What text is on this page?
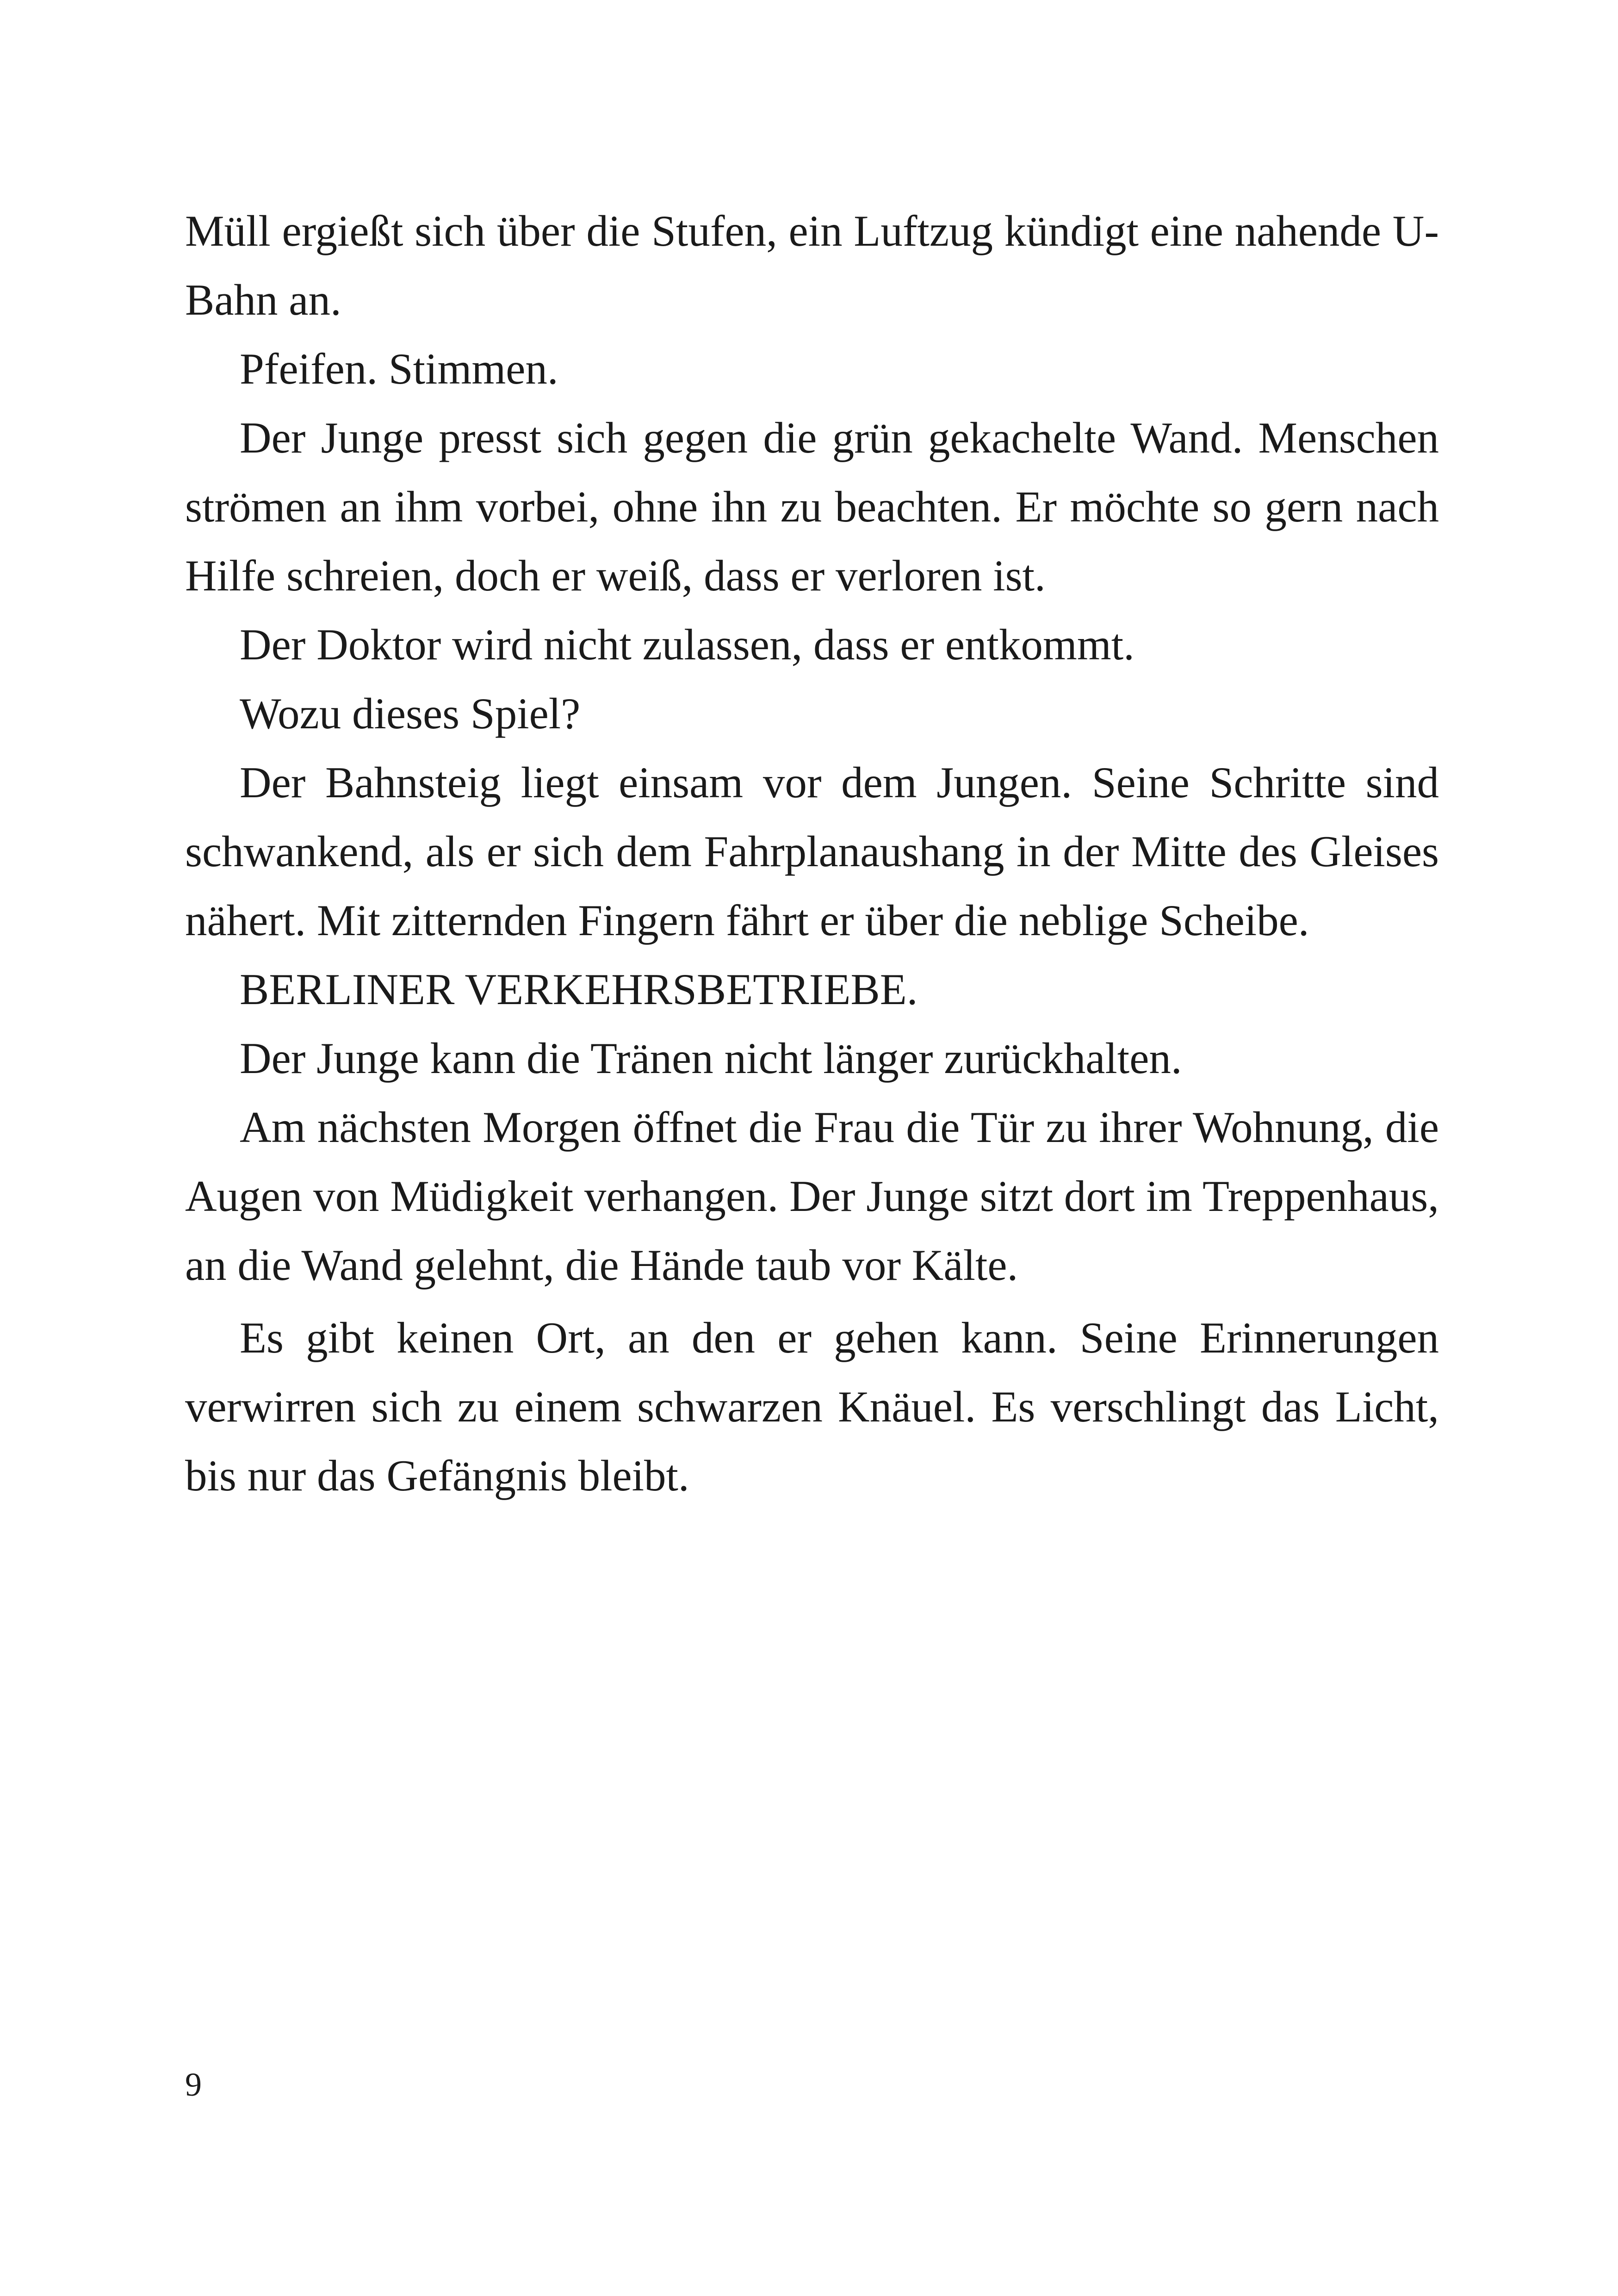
Müll ergießt sich über die Stufen, ein Luftzug kündigt eine nahende U-Bahn an.

Pfeifen. Stimmen.

Der Junge presst sich gegen die grün gekachelte Wand. Menschen strömen an ihm vorbei, ohne ihn zu beachten. Er möchte so gern nach Hilfe schreien, doch er weiß, dass er verloren ist.

Der Doktor wird nicht zulassen, dass er entkommt.

Wozu dieses Spiel?

Der Bahnsteig liegt einsam vor dem Jungen. Seine Schritte sind schwankend, als er sich dem Fahrplanaushang in der Mitte des Gleises nähert. Mit zitternden Fingern fährt er über die neblige Scheibe.

BERLINER VERKEHRSBETRIEBE.

Der Junge kann die Tränen nicht länger zurückhalten.

Am nächsten Morgen öffnet die Frau die Tür zu ihrer Wohnung, die Augen von Müdigkeit verhangen. Der Junge sitzt dort im Treppenhaus, an die Wand gelehnt, die Hände taub vor Kälte.

Es gibt keinen Ort, an den er gehen kann. Seine Erinnerungen verwirren sich zu einem schwarzen Knäuel. Es verschlingt das Licht, bis nur das Gefängnis bleibt.

9
